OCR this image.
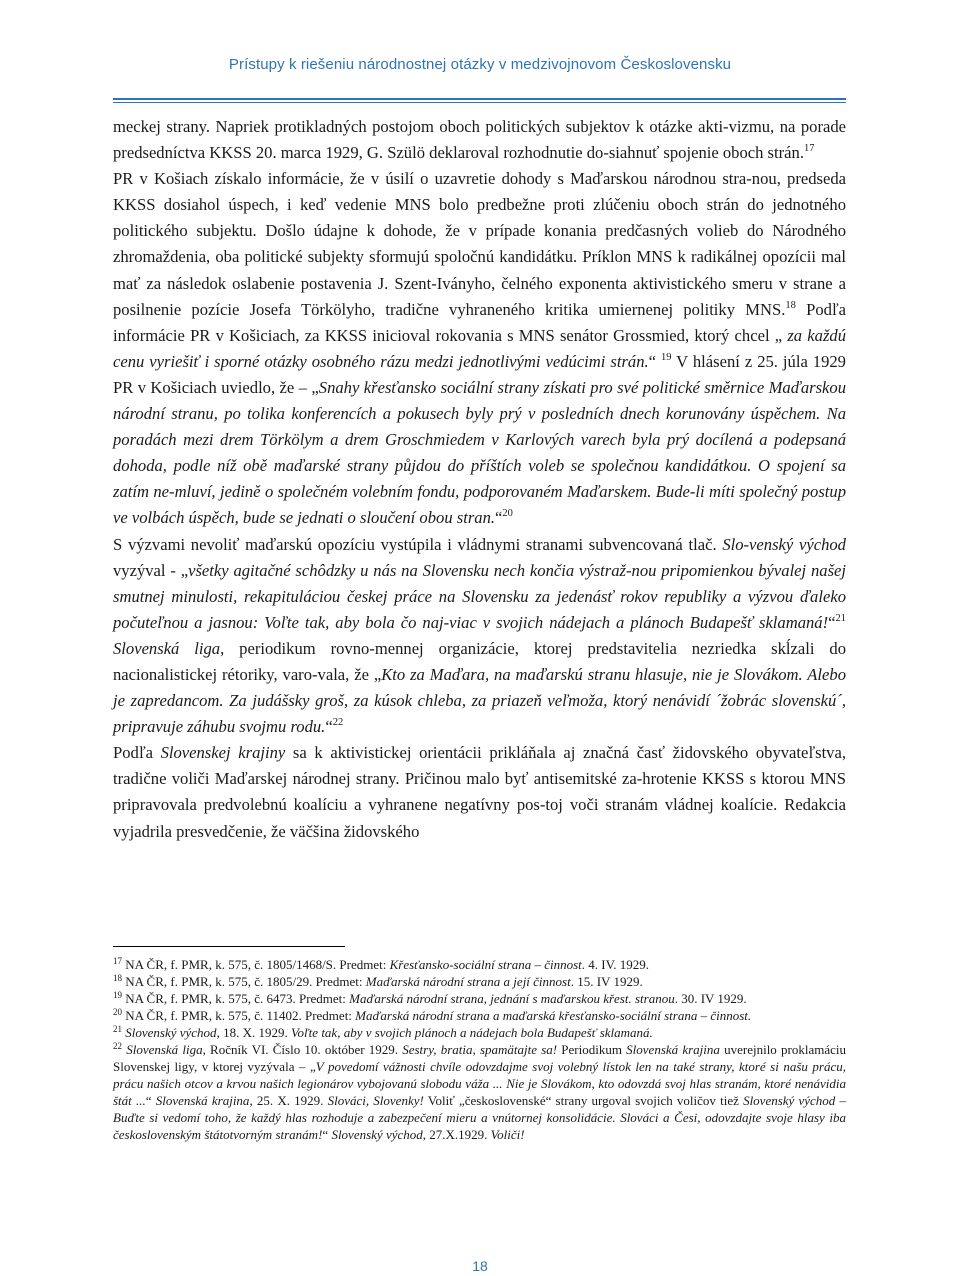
Prístupy k riešeniu národnostnej otázky v medzivojnovom Československu

meckej strany. Napriek protikladných postojom oboch politických subjektov k otázke akti-vizmu, na porade predsedníctva KKSS 20. marca 1929, G. Szülö deklaroval rozhodnutie do-siahnuť spojenie oboch strán.$^{17}$

PR v Košiach získalo informácie, že v úsilí o uzavretie dohody s Maďarskou národnou stra-nou, predseda KKSS dosiahol úspech, i keď vedenie MNS bolo predbežne proti zlúčeniu oboch strán do jednotného politického subjektu. Došlo údajne k dohode, že v prípade konania predčasných volieb do Národného zhromaždenia, oba politické subjekty sformujú spoločnú kandidátku. Príklon MNS k radikálnej opozícii mal mať za následok oslabenie postavenia J. Szent-Iványho, čelného exponenta aktivistického smeru v strane a posilnenie pozície Josefa Törkölyho, tradične vyhraneného kritika umiernenej politiky MNS.$^{18}$ Podľa informácie PR v Košiciach, za KKSS inicioval rokovania s MNS senátor Grossmied, ktorý chcel „ za každú cenu vyriešiť i sporné otázky osobného rázu medzi jednotlivými vedúcimi strán.“ $^{19}$ V hlásení z 25. júla 1929 PR v Košiciach uviedlo, že – „Snahy křesťansko sociální strany získati pro své politické směrnice Maďarskou národní stranu, po tolika konferencích a pokusech byly prý v posledních dnech korunovány úspěchem. Na poradách mezi drem Törkölym a drem Groschmiedem v Karlových varech byla prý docílená a podepsaná dohoda, podle níž obě maďarské strany půjdou do příštích voleb se společnou kandidátkou. O spojení sa zatím ne-mluví, jedině o společném volebním fondu, podporovaném Maďarskem. Bude-li míti společný postup ve volbách úspěch, bude se jednati o sloučení obou stran.“$^{20}$

S výzvami nevoliť maďarskú opozíciu vystúpila i vládnymi stranami subvencovaná tlač. Slo-venský východ vyzýval - „všetky agitačné schôdzky u nás na Slovensku nech končia výstraž-nou pripomienkou bývalej našej smutnej minulosti, rekapituláciou českej práce na Slovensku za jedenásť rokov republiky a výzvou ďaleko počuteľnou a jasnou: Voľte tak, aby bola čo naj-viac v svojich nádejach a plánoch Budapešť sklamaná!“$^{21}$ Slovenská liga, periodikum rovno-mennej organizácie, ktorej predstavitelia nezriedka skĺzali do nacionalistickej rétoriky, varo-vala, že „Kto za Maďara, na maďarskú stranu hlasuje, nie je Slovákom. Alebo je zapredancom. Za judášsky groš, za kúsok chleba, za priazeň veľmoža, ktorý nenávidí ´žobrác slovenskú´, pripravuje záhubu svojmu rodu.“$^{22}$

Podľa Slovenskej krajiny sa k aktivistickej orientácii prikláňala aj značná časť židovského obyvateľstva, tradične voliči Maďarskej národnej strany. Pričinou malo byť antisemitské za-hrotenie KKSS s ktorou MNS pripravovala predvolebnú koalíciu a vyhranene negatívny pos-toj voči stranám vládnej koalície. Redakcia vyjadrila presvedčenie, že väčšina židovského

$^{17}$ NA ČR, f. PMR, k. 575, č. 1805/1468/S. Predmet: Křesťansko-sociální strana – činnost. 4. IV. 1929.
$^{18}$ NA ČR, f. PMR, k. 575, č. 1805/29. Predmet: Maďarská národní strana a její činnost. 15. IV 1929.
$^{19}$ NA ČR, f. PMR, k. 575, č. 6473. Predmet: Maďarská národní strana, jednání s maďarskou křest. stranou. 30. IV 1929.
$^{20}$ NA ČR, f. PMR, k. 575, č. 11402. Predmet: Maďarská národní strana a maďarská křesťansko-sociální strana – činnost.
$^{21}$ Slovenský východ, 18. X. 1929. Voľte tak, aby v svojich plánoch a nádejach bola Budapešť sklamaná.
$^{22}$ Slovenská liga, Ročník VI. Číslo 10. október 1929. Sestry, bratia, spamätajte sa! Periodikum Slovenská krajina uverejnilo proklamáciu Slovenskej ligy, v ktorej vyzývala – „V povedomí vážnosti chvíle odovzdajme svoj volebný lístok len na také strany, ktoré si našu prácu, prácu našich otcov a krvou našich legionárov vybojovanú slobodu váža ... Nie je Slovákom, kto odovzdá svoj hlas stranám, ktoré nenávidia štát ...“ Slovenská krajina, 25. X. 1929. Slováci, Slovenky! Voliť „československé“ strany urgoval svojich voličov tiež Slovenský východ – Buďte si vedomí toho, že každý hlas rozhoduje a zabezpečení mieru a vnútornej konsolidácie. Slováci a Česi, odovzdajte svoje hlasy iba československým štátotvorným stranám!“ Slovenský východ, 27.X.1929. Voliči!
18
